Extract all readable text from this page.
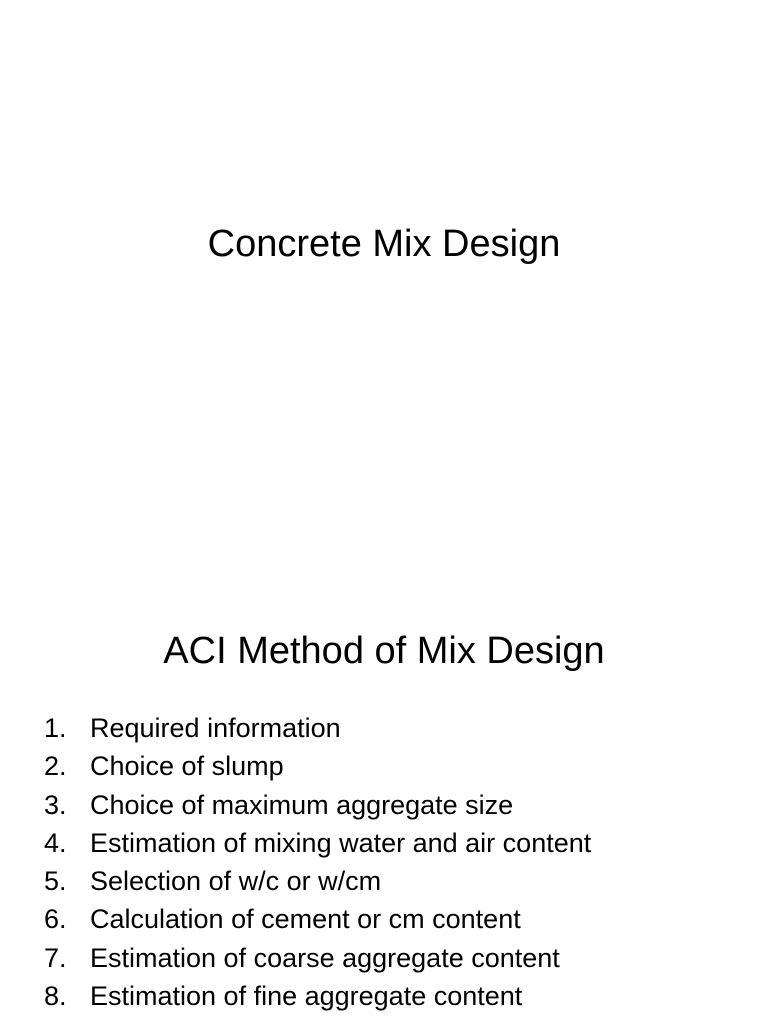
Concrete Mix Design
ACI Method of Mix Design
1. Required information
2. Choice of slump
3. Choice of maximum aggregate size
4. Estimation of mixing water and air content
5. Selection of w/c or w/cm
6. Calculation of cement or cm content
7. Estimation of coarse aggregate content
8. Estimation of fine aggregate content
